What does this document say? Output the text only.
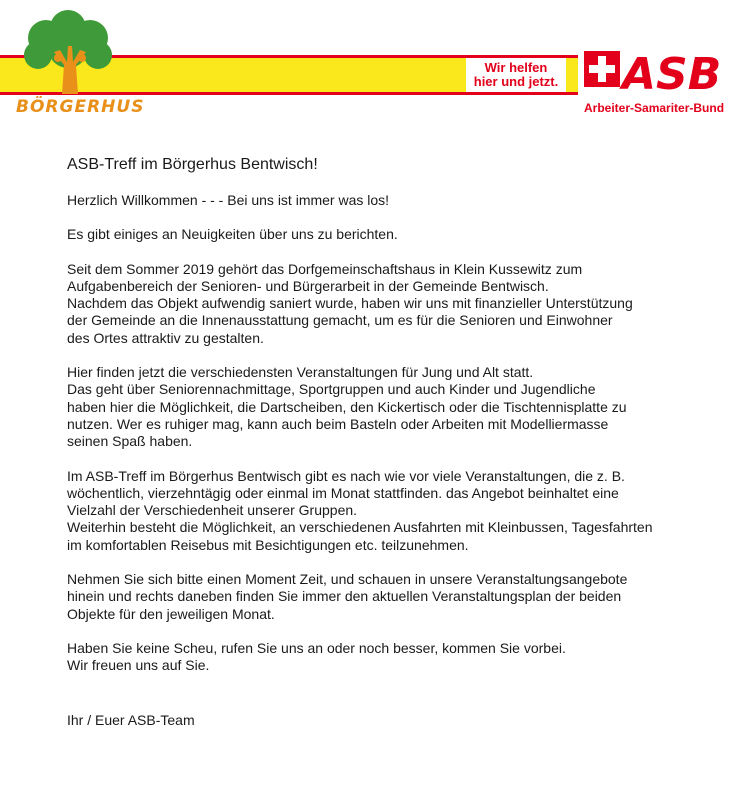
BÖRGERHUS
Wir helfen
hier und jetzt. ASB
Arbeiter-Samariter-Bund
ASB-Treff im Börgerhus Bentwisch!

Herzlich Willkommen - - - Bei uns ist immer was los!

Es gibt einiges an Neuigkeiten über uns zu berichten.

Seit dem Sommer 2019 gehört das Dorfgemeinschaftshaus in Klein Kussewitz zum
Aufgabenbereich der Senioren- und Bürgerarbeit in der Gemeinde Bentwisch.
Nachdem das Objekt aufwendig saniert wurde, haben wir uns mit finanzieller Unterstützung
der Gemeinde an die Innenausstattung gemacht, um es für die Senioren und Einwohner
des Ortes attraktiv zu gestalten.

Hier finden jetzt die verschiedensten Veranstaltungen für Jung und Alt statt.
Das geht über Seniorennachmittage, Sportgruppen und auch Kinder und Jugendliche
haben hier die Möglichkeit, die Dartscheiben, den Kickertisch oder die Tischtennisplatte zu
nutzen. Wer es ruhiger mag, kann auch beim Basteln oder Arbeiten mit Modelliermasse
seinen Spaß haben.

Im ASB-Treff im Börgerhus Bentwisch gibt es nach wie vor viele Veranstaltungen, die z. B.
wöchentlich, vierzehntägig oder einmal im Monat stattfinden. das Angebot beinhaltet eine
Vielzahl der Verschiedenheit unserer Gruppen.
Weiterhin besteht die Möglichkeit, an verschiedenen Ausfahrten mit Kleinbussen, Tagesfahrten
im komfortablen Reisebus mit Besichtigungen etc. teilzunehmen.

Nehmen Sie sich bitte einen Moment Zeit, und schauen in unsere Veranstaltungsangebote
hinein und rechts daneben finden Sie immer den aktuellen Veranstaltungsplan der beiden
Objekte für den jeweiligen Monat.

Haben Sie keine Scheu, rufen Sie uns an oder noch besser, kommen Sie vorbei.
Wir freuen uns auf Sie.

Ihr / Euer ASB-Team
